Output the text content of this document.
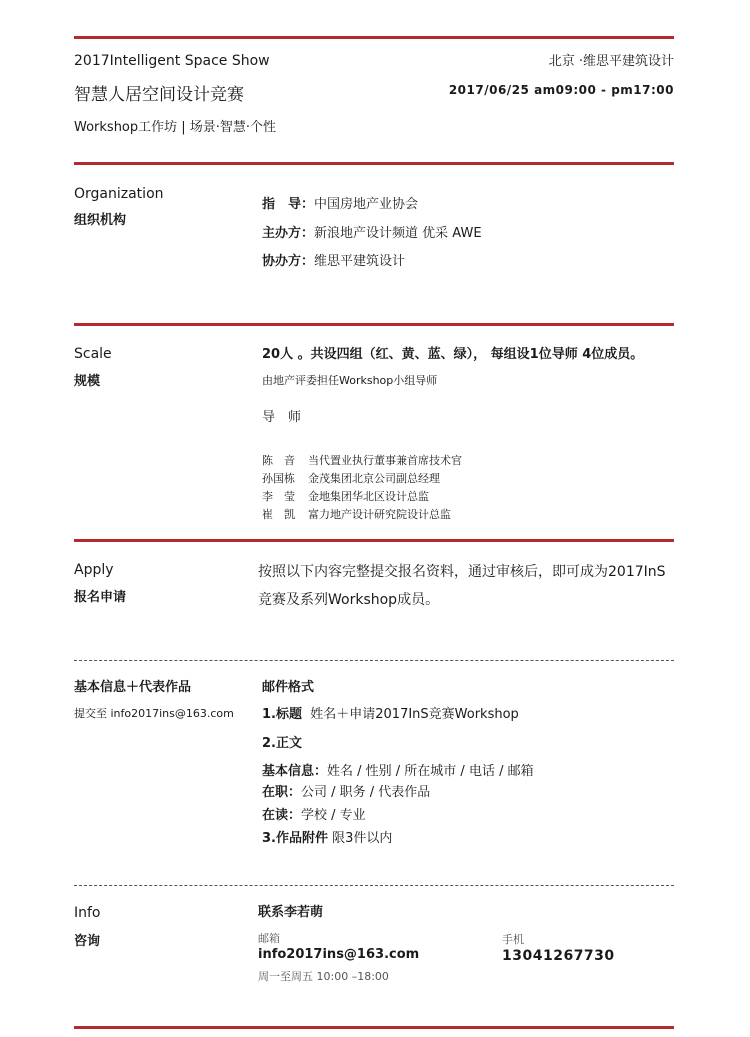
2017Intelligent Space Show
智慧人居空间设计竞赛
Workshop工作坊 | 场景·智慧·个性
北京 ·维思平建筑设计
2017/06/25 am09:00 - pm17:00
Organization
组织机构
指　导：中国房地产业协会
主办方：新浪地产设计频道 优采 AWE
协办方：维思平建筑设计
Scale
规模
20人 。共设四组（红、黄、蓝、绿）， 每组设1位导师 4位成员。
由地产评委担任Workshop小组导师
导　师
陈　音 当代置业执行董事兼首席技术官
孙国栋 金茂集团北京公司副总经理
李　莹 金地集团华北区设计总监
崔　凯 富力地产设计研究院设计总监
Apply
报名申请
按照以下内容完整提交报名资料，通过审核后，即可成为2017InS竞赛及系列Workshop成员。
基本信息＋代表作品
提交至 info2017ins@163.com
邮件格式
1.标题 姓名＋申请2017InS竞赛Workshop
2.正文
基本信息：姓名 / 性别 / 所在城市 / 电话 / 邮箱
在职：公司 / 职务 / 代表作品
在读：学校 / 专业
3.作品附件 限3件以内
Info
咨询
联系李若萌
邮箱
info2017ins@163.com
周一至周五 10:00 –18:00
手机
13041267730
